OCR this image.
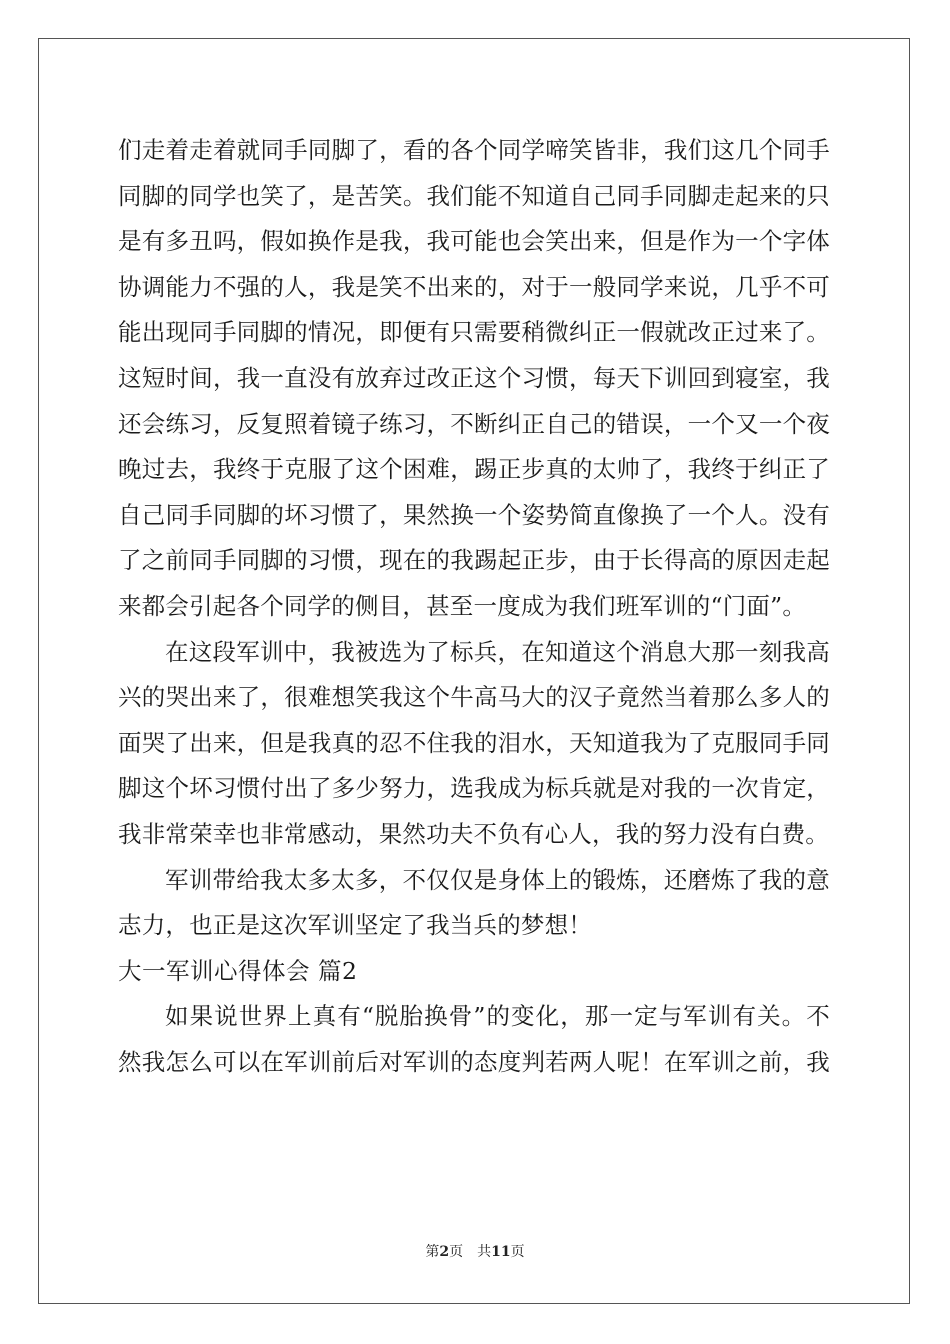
们走着走着就同手同脚了，看的各个同学啼笑皆非，我们这几个同手
同脚的同学也笑了，是苦笑。我们能不知道自己同手同脚走起来的只
是有多丑吗，假如换作是我，我可能也会笑出来，但是作为一个字体
协调能力不强的人，我是笑不出来的，对于一般同学来说，几乎不可
能出现同手同脚的情况，即便有只需要稍微纠正一假就改正过来了。
这短时间，我一直没有放弃过改正这个习惯，每天下训回到寝室，我
还会练习，反复照着镜子练习，不断纠正自己的错误，一个又一个夜
晚过去，我终于克服了这个困难，踢正步真的太帅了，我终于纠正了
自己同手同脚的坏习惯了，果然换一个姿势简直像换了一个人。没有
了之前同手同脚的习惯，现在的我踢起正步，由于长得高的原因走起
来都会引起各个同学的侧目，甚至一度成为我们班军训的“门面”。
在这段军训中，我被选为了标兵，在知道这个消息大那一刻我高
兴的哭出来了，很难想笑我这个牛高马大的汉子竟然当着那么多人的
面哭了出来，但是我真的忍不住我的泪水，天知道我为了克服同手同
脚这个坏习惯付出了多少努力，选我成为标兵就是对我的一次肯定，
我非常荣幸也非常感动，果然功夫不负有心人，我的努力没有白费。
军训带给我太多太多，不仅仅是身体上的锻炼，还磨炼了我的意
志力，也正是这次军训坚定了我当兵的梦想！
大一军训心得体会 篇2
如果说世界上真有“脱胎换骨”的变化，那一定与军训有关。不
然我怎么可以在军训前后对军训的态度判若两人呢！在军训之前，我
第2页 共11页
